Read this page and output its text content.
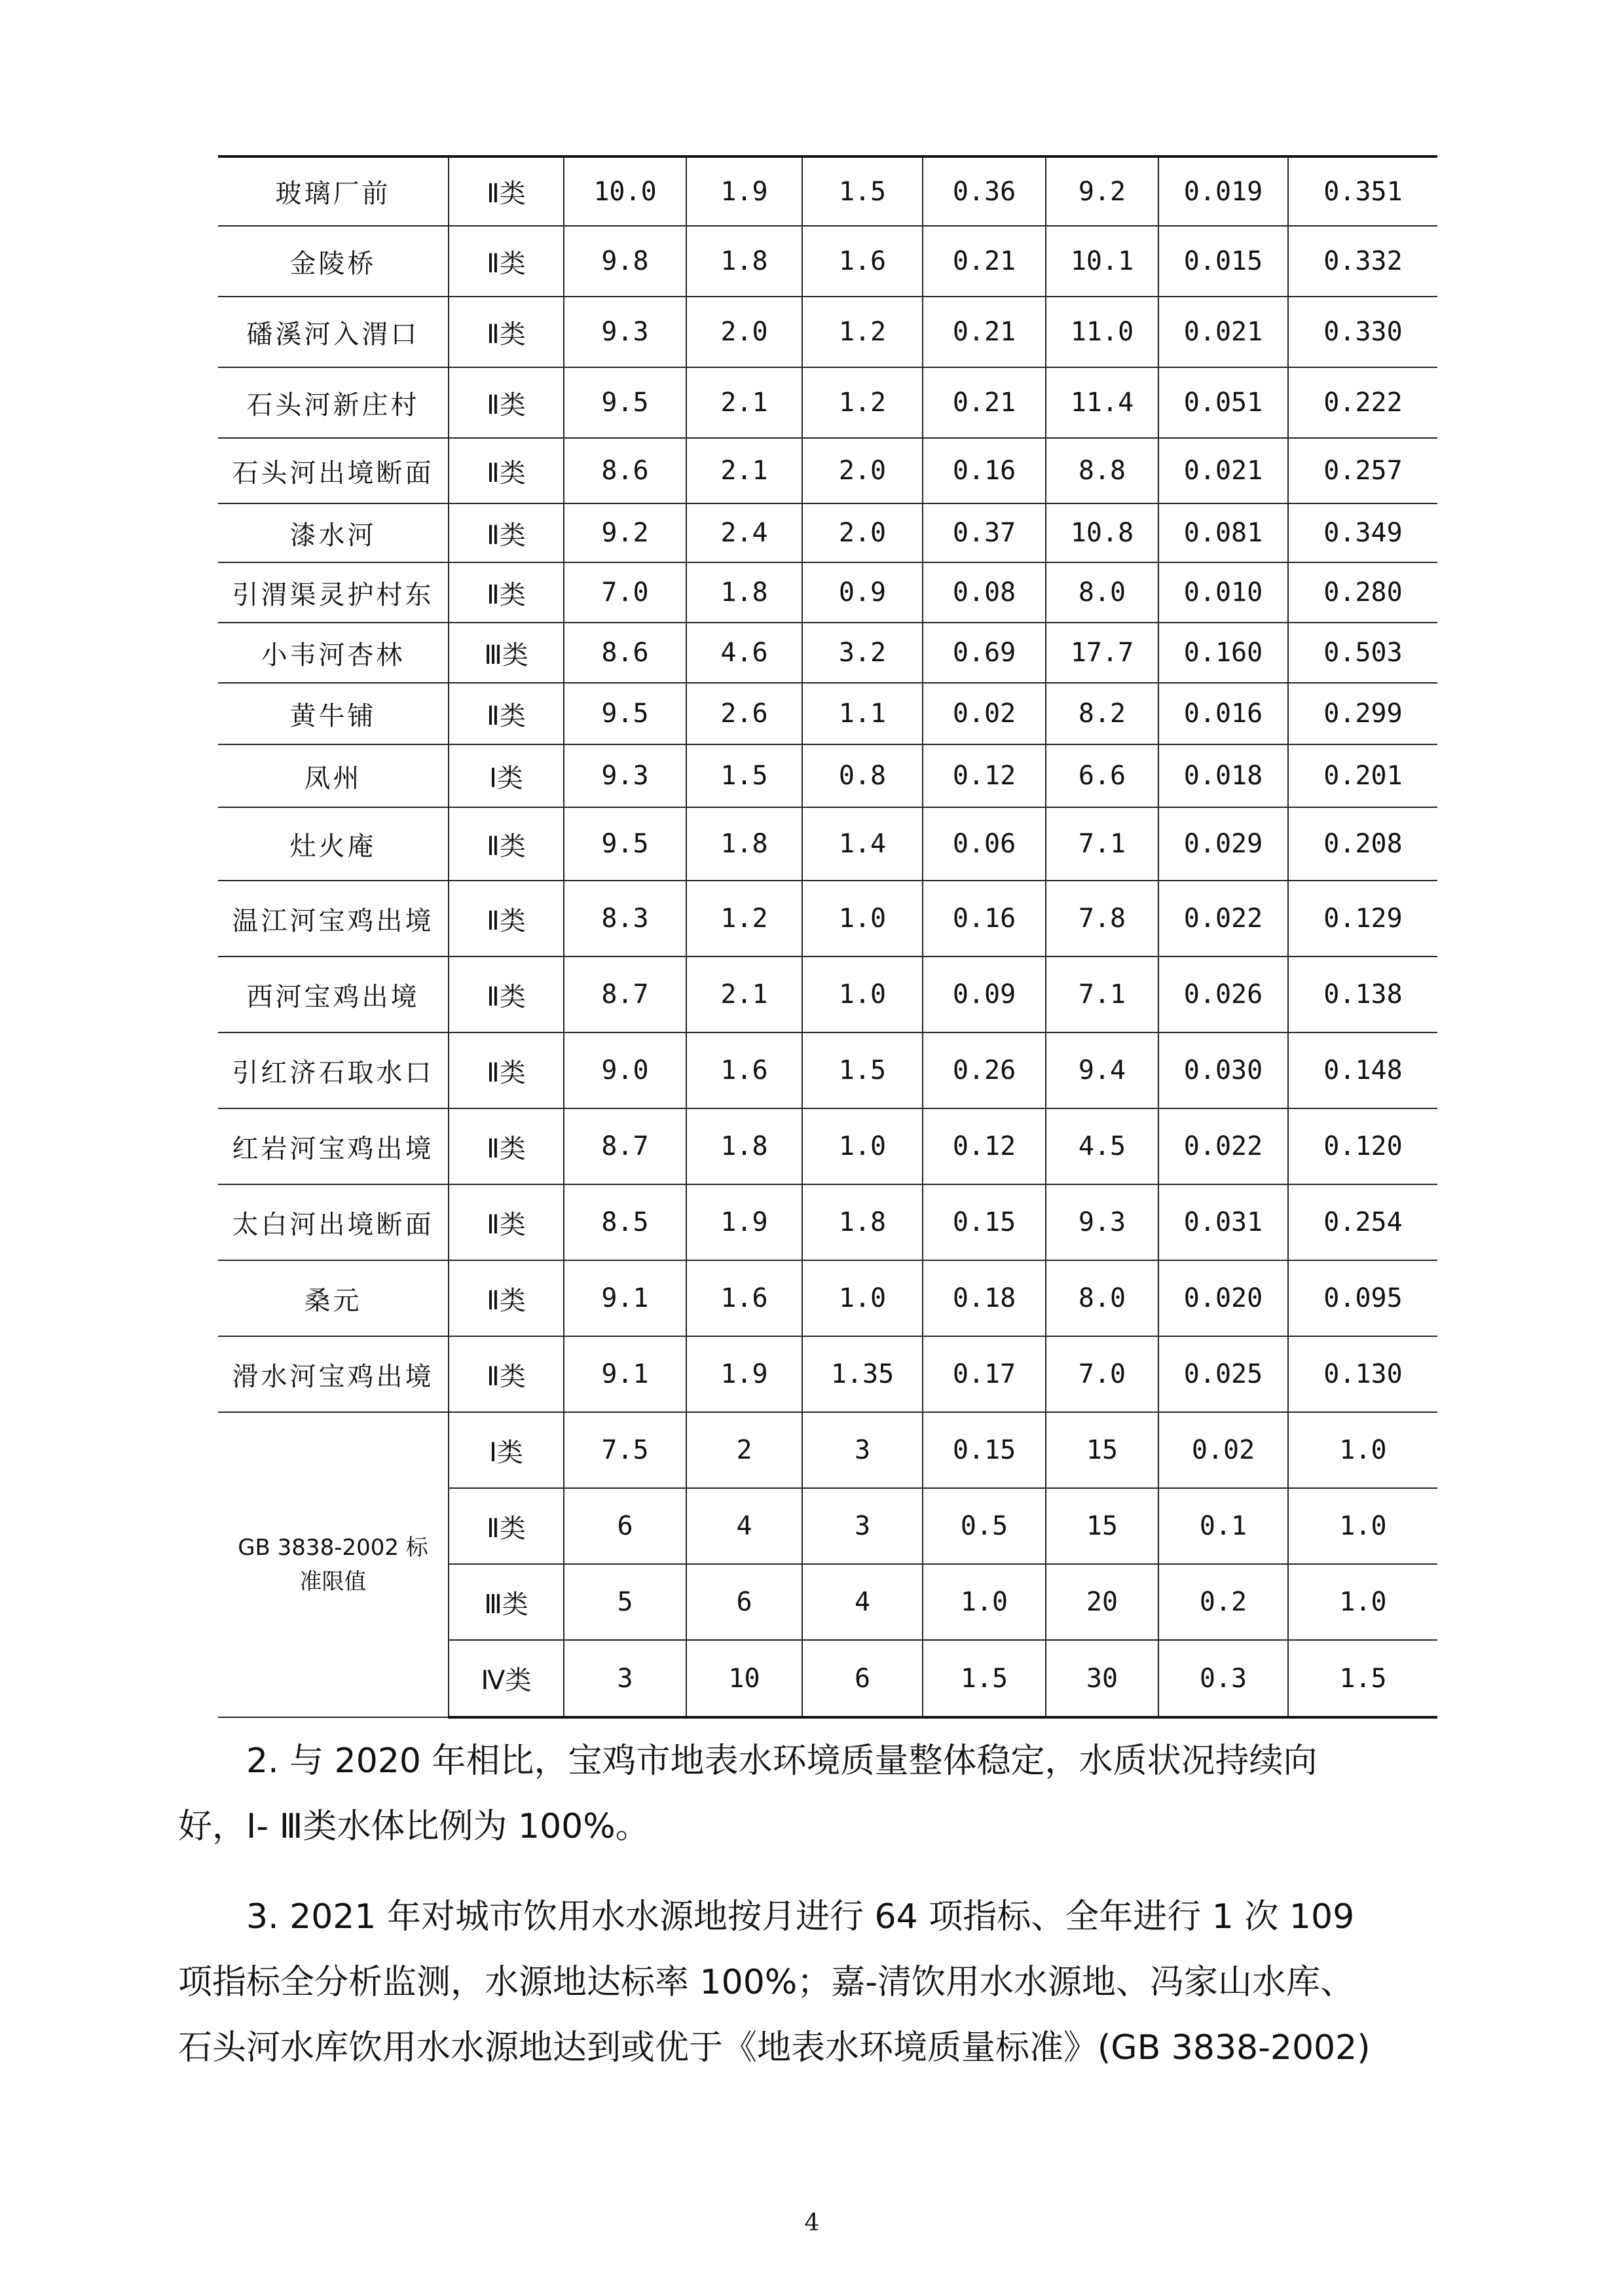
玻璃厂前	Ⅱ类	10.0	1.9	1.5	0.36	9.2	0.019	0.351
金陵桥	Ⅱ类	9.8	1.8	1.6	0.21	10.1	0.015	0.332
磻溪河入渭口	Ⅱ类	9.3	2.0	1.2	0.21	11.0	0.021	0.330
石头河新庄村	Ⅱ类	9.5	2.1	1.2	0.21	11.4	0.051	0.222
石头河出境断面	Ⅱ类	8.6	2.1	2.0	0.16	8.8	0.021	0.257
漆水河	Ⅱ类	9.2	2.4	2.0	0.37	10.8	0.081	0.349
引渭渠灵护村东	Ⅱ类	7.0	1.8	0.9	0.08	8.0	0.010	0.280
小韦河杏林	Ⅲ类	8.6	4.6	3.2	0.69	17.7	0.160	0.503
黄牛铺	Ⅱ类	9.5	2.6	1.1	0.02	8.2	0.016	0.299
凤州	Ⅰ类	9.3	1.5	0.8	0.12	6.6	0.018	0.201
灶火庵	Ⅱ类	9.5	1.8	1.4	0.06	7.1	0.029	0.208
温江河宝鸡出境	Ⅱ类	8.3	1.2	1.0	0.16	7.8	0.022	0.129
西河宝鸡出境	Ⅱ类	8.7	2.1	1.0	0.09	7.1	0.026	0.138
引红济石取水口	Ⅱ类	9.0	1.6	1.5	0.26	9.4	0.030	0.148
红岩河宝鸡出境	Ⅱ类	8.7	1.8	1.0	0.12	4.5	0.022	0.120
太白河出境断面	Ⅱ类	8.5	1.9	1.8	0.15	9.3	0.031	0.254
桑元	Ⅱ类	9.1	1.6	1.0	0.18	8.0	0.020	0.095
滑水河宝鸡出境	Ⅱ类	9.1	1.9	1.35	0.17	7.0	0.025	0.130
GB 3838-2002 标准限值	Ⅰ类	7.5	2	3	0.15	15	0.02	1.0
	Ⅱ类	6	4	3	0.5	15	0.1	1.0
	Ⅲ类	5	6	4	1.0	20	0.2	1.0
	Ⅳ类	3	10	6	1.5	30	0.3	1.5
2. 与 2020 年相比，宝鸡市地表水环境质量整体稳定，水质状况持续向
好，Ⅰ- Ⅲ类水体比例为 100%。
3. 2021 年对城市饮用水水源地按月进行 64 项指标、全年进行 1 次 109
项指标全分析监测，水源地达标率 100%；嘉-清饮用水水源地、冯家山水库、
石头河水库饮用水水源地达到或优于《地表水环境质量标准》(GB 3838-2002)
4
